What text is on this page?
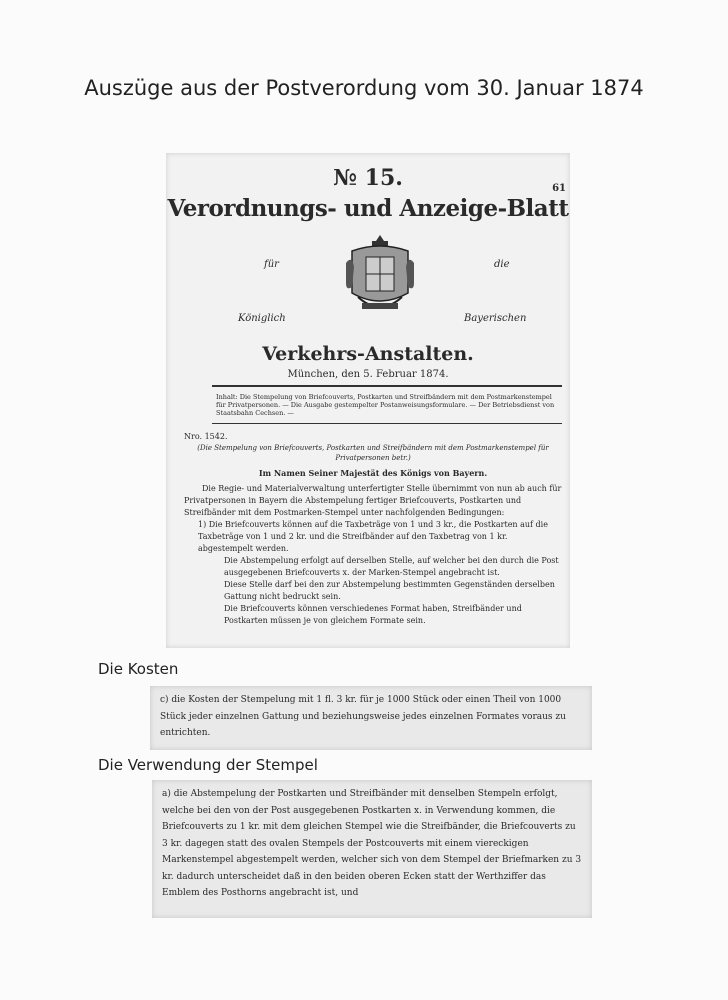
Auszüge aus der Postverordung vom 30. Januar 1874
№ 15.	61
Verordnungs- und Anzeige-Blatt
für	die
Königlich	Bayerischen
Verkehrs-Anstalten.
München, den 5. Februar 1874.
Inhalt: Die Stempelung von Briefcouverts, Postkarten und Streifbändern mit dem Postmarkenstempel für Privatpersonen. — Die Ausgabe gestempelter Postanweisungsformulare. — Der Betriebsdienst von Staatsbahn Cechsen. —

Nro. 1542.

(Die Stempelung von Briefcouverts, Postkarten und Streifbändern mit dem Postmarkenstempel für Privatpersonen betr.)

Im Namen Seiner Majestät des Königs von Bayern.

Die Regie- und Materialverwaltung unterfertigter Stelle übernimmt von nun ab auch für Privatpersonen in Bayern die Abstempelung fertiger Briefcouverts, Postkarten und Streifbänder mit dem Postmarken-Stempel unter nachfolgenden Bedingungen:

1) Die Briefcouverts können auf die Taxbeträge von 1 und 3 kr., die Postkarten auf die Taxbeträge von 1 und 2 kr. und die Streifbänder auf den Taxbetrag von 1 kr. abgestempelt werden.

Die Abstempelung erfolgt auf derselben Stelle, auf welcher bei den durch die Post ausgegebenen Briefcouverts x. der Marken-Stempel angebracht ist.

Diese Stelle darf bei den zur Abstempelung bestimmten Gegenständen derselben Gattung nicht bedruckt sein.

Die Briefcouverts können verschiedenes Format haben, Streifbänder und Postkarten müssen je von gleichem Formate sein.

Die Kosten
c) die Kosten der Stempelung mit 1 fl. 3 kr. für je 1000 Stück oder einen Theil von 1000 Stück jeder einzelnen Gattung und beziehungsweise jedes einzelnen Formates voraus zu entrichten.
Die Verwendung der Stempel
a) die Abstempelung der Postkarten und Streifbänder mit denselben Stempeln erfolgt, welche bei den von der Post ausgegebenen Postkarten x. in Verwendung kommen, die Briefcouverts zu 1 kr. mit dem gleichen Stempel wie die Streifbänder, die Briefcouverts zu 3 kr. dagegen statt des ovalen Stempels der Postcouverts mit einem viereckigen Markenstempel abgestempelt werden, welcher sich von dem Stempel der Briefmarken zu 3 kr. dadurch unterscheidet daß in den beiden oberen Ecken statt der Werthziffer das Emblem des Posthorns angebracht ist, und
